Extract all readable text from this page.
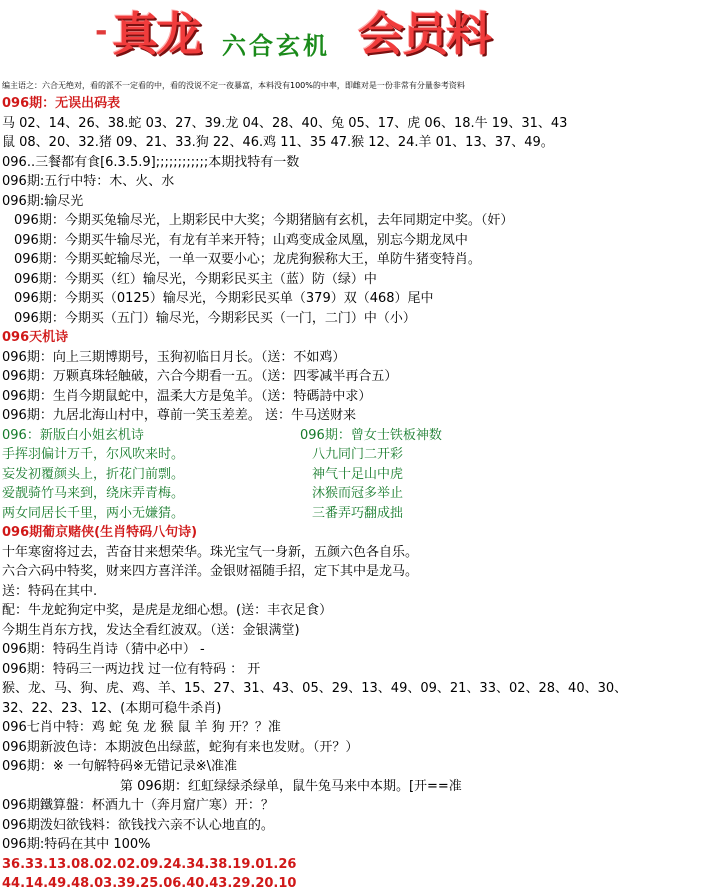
- 真龙 六合玄机 会员料
编主语之：六合无绝对，看的派不一定看的中，看的没说不定一夜暴富，本料没有100%的中率，即雌对是一份非常有分量参考资料
096期：无误出码表
马 02、14、26、38.蛇 03、27、39.龙 04、28、40、兔 05、17、虎 06、18.牛 19、31、43
鼠 08、20、32.猪 09、21、33.狗 22、46.鸡 11、35 47.猴 12、24.羊 01、13、37、49。
096..三餐都有食[6.3.5.9];;;;;;;;;;;;本期找特有一数
096期:五行中特：木、火、水
096期:输尽光
096期：今期买兔输尽光，上期彩民中大奖；今期猪脑有玄机，去年同期定中奖。（奸）
096期：今期买牛输尽光，有龙有羊来开特；山鸡变成金凤凰，别忘今期龙凤中
096期：今期买蛇输尽光，一单一双要小心；龙虎狗猴称大王，单防牛猪变特肖。
096期：今期买（红）输尽光，今期彩民买主（蓝）防（绿）中
096期：今期买（0125）输尽光，今期彩民买单（379）双（468）尾中
096期：今期买（五门）输尽光，今期彩民买（一门，二门）中（小）
096天机诗
096期：向上三期博期号，玉狗初临日月长。（送：不如鸡）
096期：万颗真珠轻触破，六合今期看一五。（送：四零减半再合五）
096期：生肖今期鼠蛇中，温柔大方是兔羊。（送：特碼詩中求）
096期：九居北海山村中，尊前一笑玉差差。 送：牛马送财来
096：新版白小姐玄机诗	096期：曾女士铁板神数
手挥羽偏计万千，尔风吹来时。	八九同门二开彩
妄发初覆颜头上，折花门前剽。	神气十足山中虎
爱靓骑竹马来到，绕床弄青梅。	沐猴而冠多举止
两女同居长千里，两小无嫌猜。	三番弄巧翻成拙
096期葡京赌侠(生肖特码八句诗)
十年寒窗将过去，苦奋甘来想荣华。珠光宝气一身新，五颜六色各自乐。
六合六码中特奖，财来四方喜洋洋。金银财福随手招，定下其中是龙马。
送：特码在其中.
配：牛龙蛇狗定中奖，是虎是龙细心想。(送：丰衣足食）
今期生肖东方找，发达全看红波双。（送：金银满堂)
096期：特码生肖诗（猜中必中） -
096期：特码三一两边找 过一位有特码 ： 开
猴、龙、马、狗、虎、鸡、羊、15、27、31、43、05、29、13、49、09、21、33、02、28、40、30、
32、22、23、12、(本期可稳牛杀肖)
096七肖中特：鸡 蛇 兔 龙 猴 鼠 羊 狗 开？？准
096期新波色诗：本期波色出绿蓝，蛇狗有来也发财。（开？）
096期：※ 一句解特码※无错记录※\准准
第 096期：红虹绿绿杀绿单，鼠牛兔马来中本期。[开==准
096期鐵算盤：杯酒九十（奔月窟广寒）开：？
096期泼妇欲钱料：欲钱找六亲不认心地直的。
096期:特码在其中 100%
36.33.13.08.02.02.09.24.34.38.19.01.26
44.14.49.48.03.39.25.06.40.43.29.20.10
